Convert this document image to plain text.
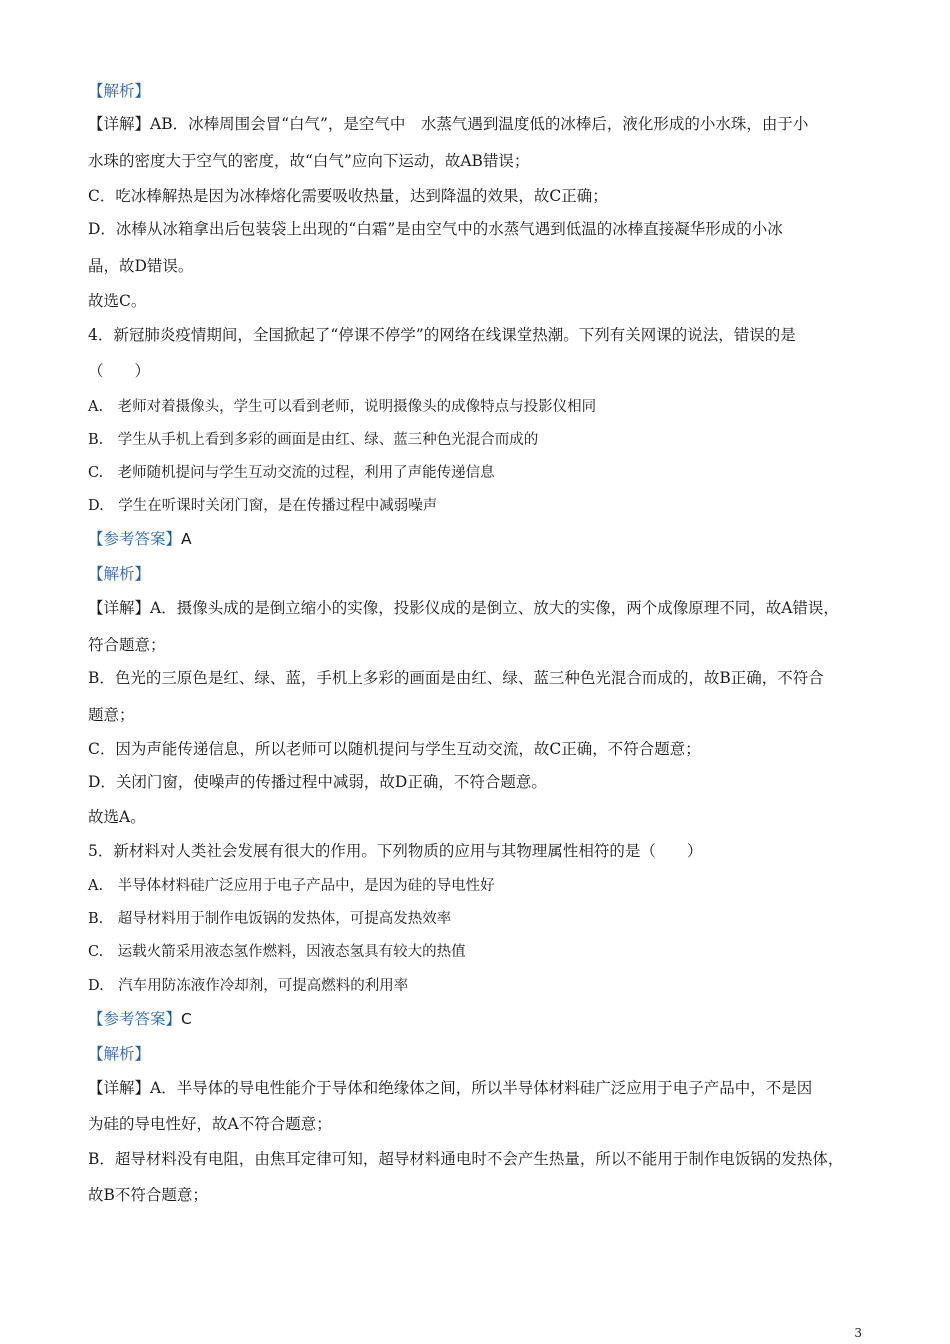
【解析】
【详解】AB．冰棒周围会冒“白气”，是空气中　水蒸气遇到温度低的冰棒后，液化形成的小水珠，由于小
水珠的密度大于空气的密度，故“白气”应向下运动，故AB错误；
C．吃冰棒解热是因为冰棒熔化需要吸收热量，达到降温的效果，故C正确；
D．冰棒从冰箱拿出后包装袋上出现的“白霜”是由空气中的水蒸气遇到低温的冰棒直接凝华形成的小冰
晶，故D错误。
故选C。
4．新冠肺炎疫情期间，全国掀起了“停课不停学”的网络在线课堂热潮。下列有关网课的说法，错误的是
（　　）
A.　老师对着摄像头，学生可以看到老师，说明摄像头的成像特点与投影仪相同
B.　学生从手机上看到多彩的画面是由红、绿、蓝三种色光混合而成的
C.　老师随机提问与学生互动交流的过程，利用了声能传递信息
D.　学生在听课时关闭门窗，是在传播过程中减弱噪声
【参考答案】A
【解析】
【详解】A．摄像头成的是倒立缩小的实像，投影仪成的是倒立、放大的实像，两个成像原理不同，故A错误，
符合题意；
B．色光的三原色是红、绿、蓝，手机上多彩的画面是由红、绿、蓝三种色光混合而成的，故B正确，不符合
题意；
C．因为声能传递信息，所以老师可以随机提问与学生互动交流，故C正确，不符合题意；
D．关闭门窗，使噪声的传播过程中减弱，故D正确，不符合题意。
故选A。
5．新材料对人类社会发展有很大的作用。下列物质的应用与其物理属性相符的是（　　）
A.　半导体材料硅广泛应用于电子产品中，是因为硅的导电性好
B.　超导材料用于制作电饭锅的发热体，可提高发热效率
C.　运载火箭采用液态氢作燃料，因液态氢具有较大的热值
D.　汽车用防冻液作冷却剂，可提高燃料的利用率
【参考答案】C
【解析】
【详解】A．半导体的导电性能介于导体和绝缘体之间，所以半导体材料硅广泛应用于电子产品中，不是因
为硅的导电性好，故A不符合题意；
B．超导材料没有电阻，由焦耳定律可知，超导材料通电时不会产生热量，所以不能用于制作电饭锅的发热体，
故B不符合题意；
3
